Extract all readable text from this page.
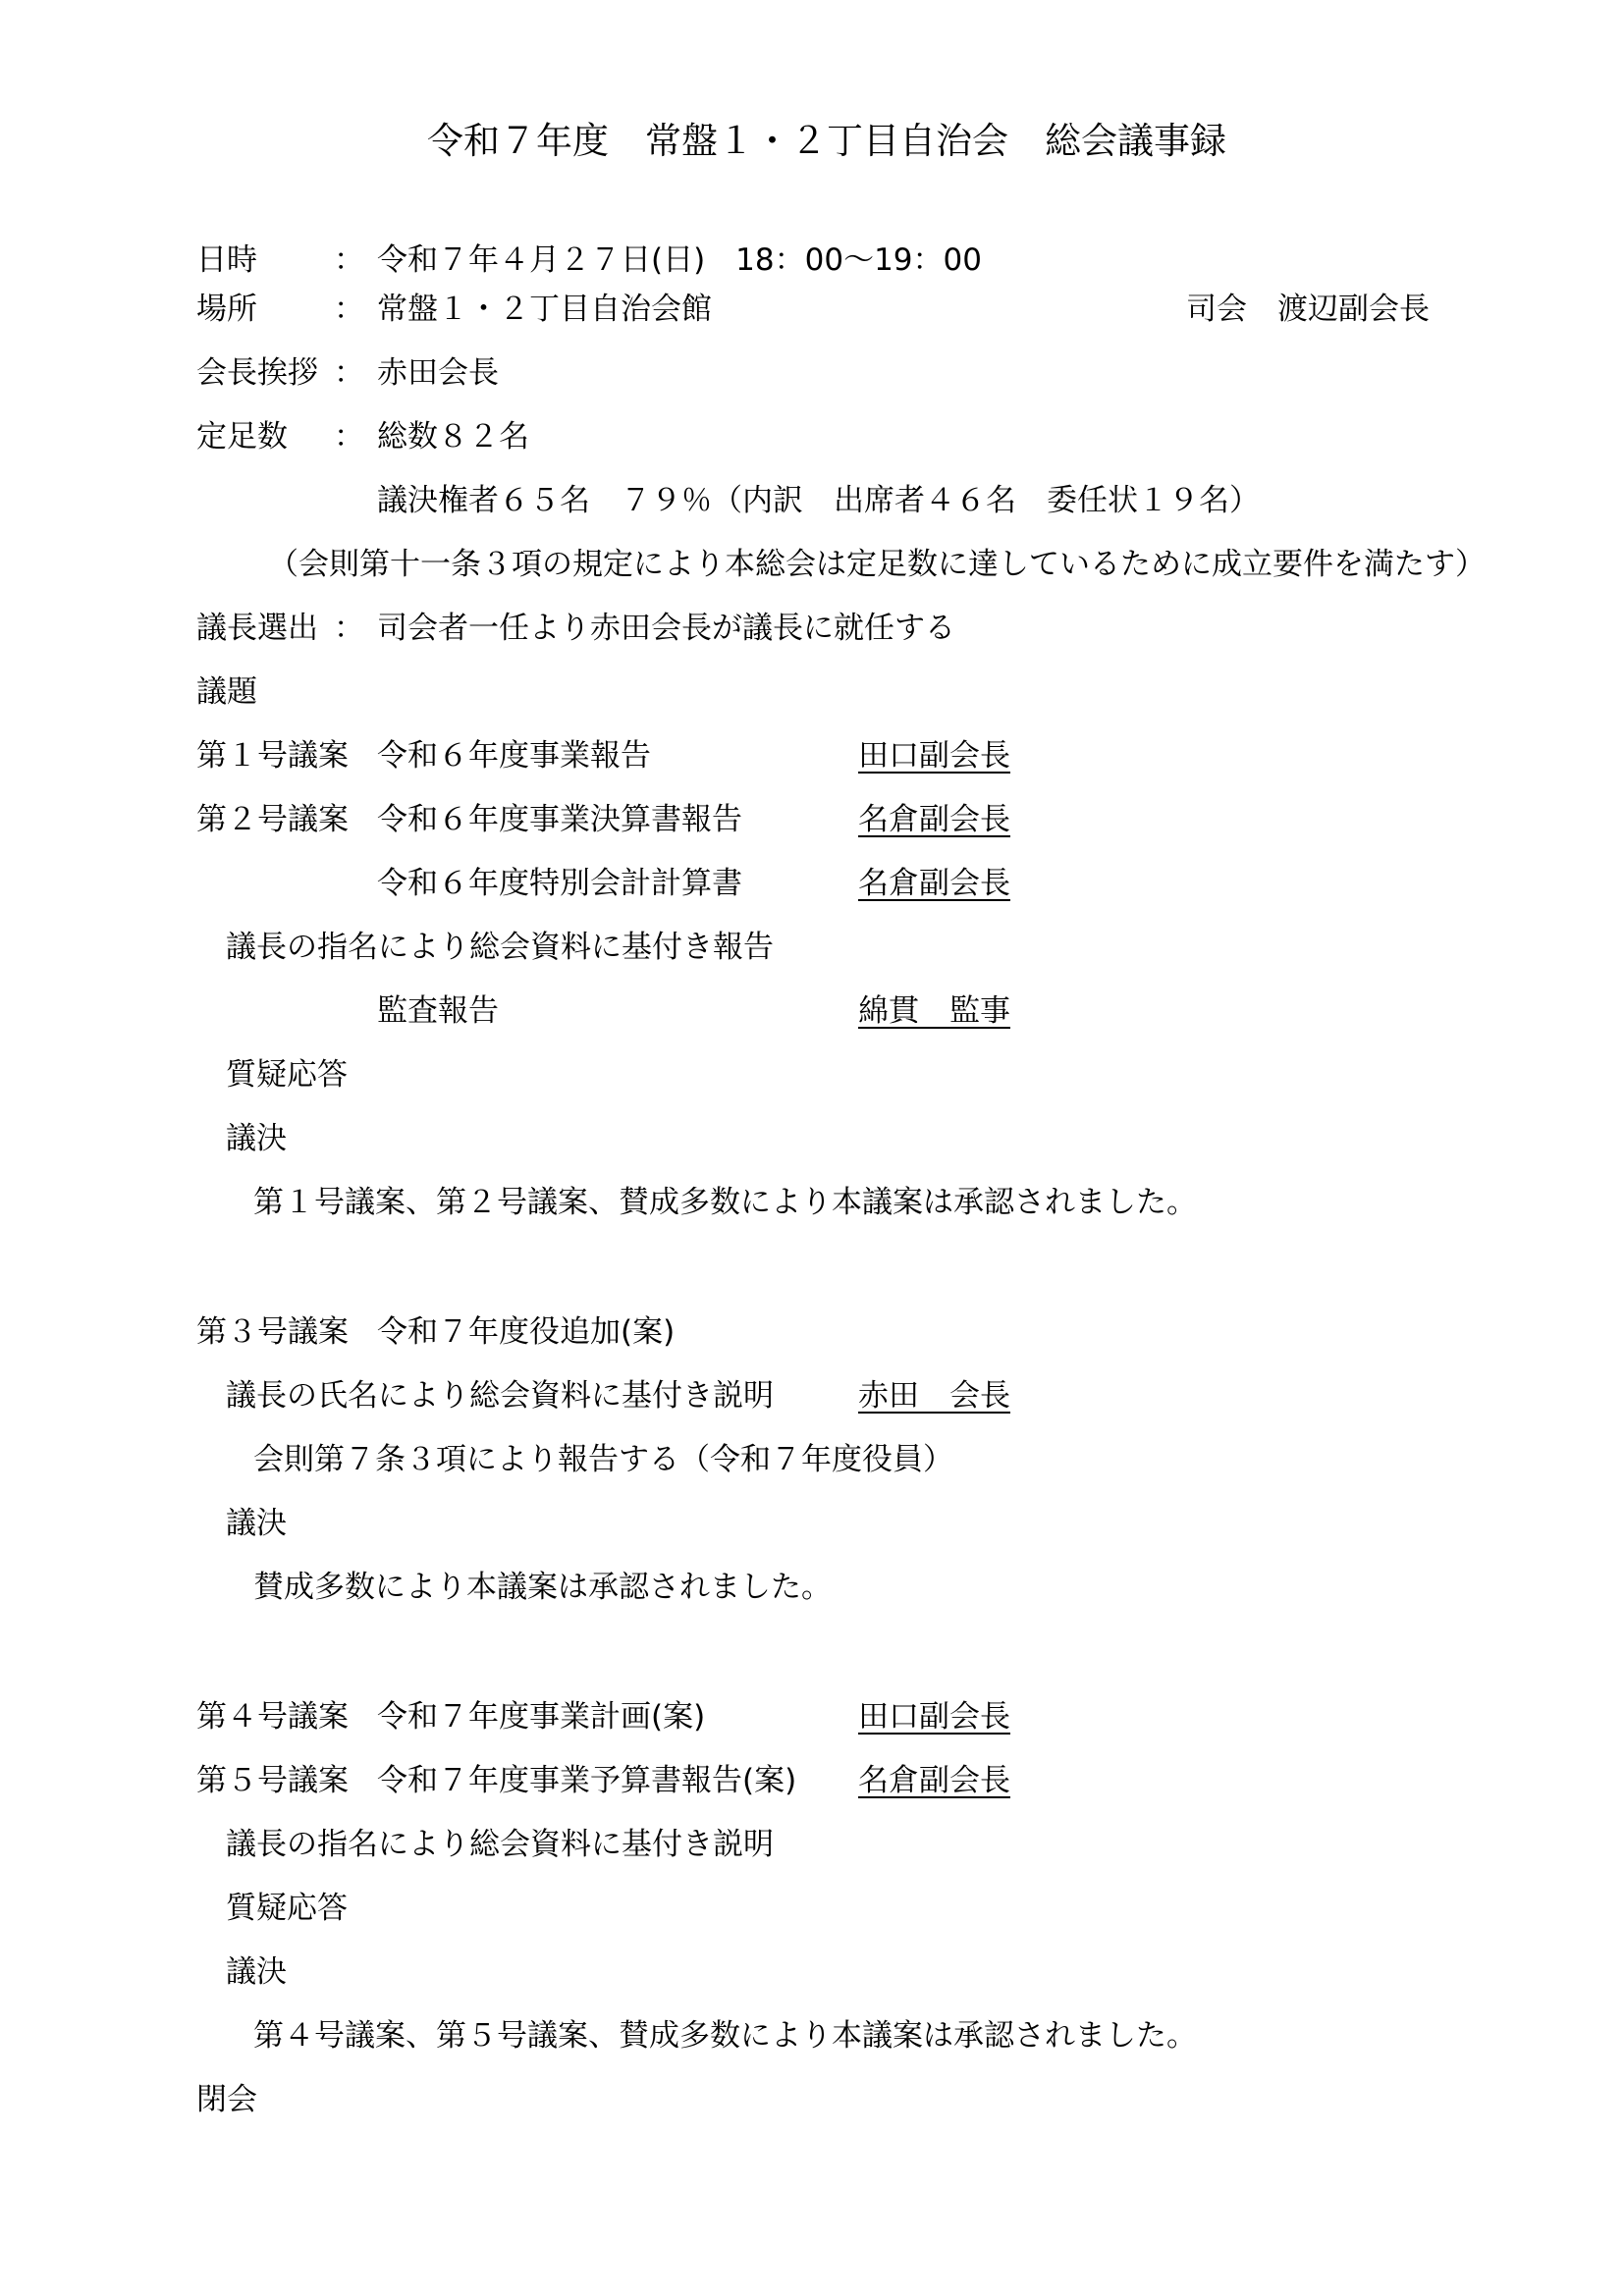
令和７年度　常盤１・２丁目自治会　総会議事録
日時	： 令和７年４月２７日(日)　18：00〜19：00
場所	： 常盤１・２丁目自治会館	司会　渡辺副会長
会長挨拶 ： 赤田会長
定足数 ： 総数８２名
議決権者６５名　７９％（内訳　出席者４６名　委任状１９名）
（会則第十一条３項の規定により本総会は定足数に達しているために成立要件を満たす）
議長選出 ： 司会者一任より赤田会長が議長に就任する
議題
第１号議案 令和６年度事業報告	田口副会長
第２号議案 令和６年度事業決算書報告	名倉副会長
令和６年度特別会計計算書	名倉副会長
議長の指名により総会資料に基付き報告
監査報告	綿貫　監事
質疑応答
議決
第１号議案、第２号議案、賛成多数により本議案は承認されました。
第３号議案 令和７年度役追加(案)
議長の氏名により総会資料に基付き説明	赤田　会長
会則第７条３項により報告する（令和７年度役員）
議決
賛成多数により本議案は承認されました。
第４号議案 令和７年度事業計画(案)	田口副会長
第５号議案 令和７年度事業予算書報告(案) 名倉副会長
議長の指名により総会資料に基付き説明
質疑応答
議決
第４号議案、第５号議案、賛成多数により本議案は承認されました。
閉会
